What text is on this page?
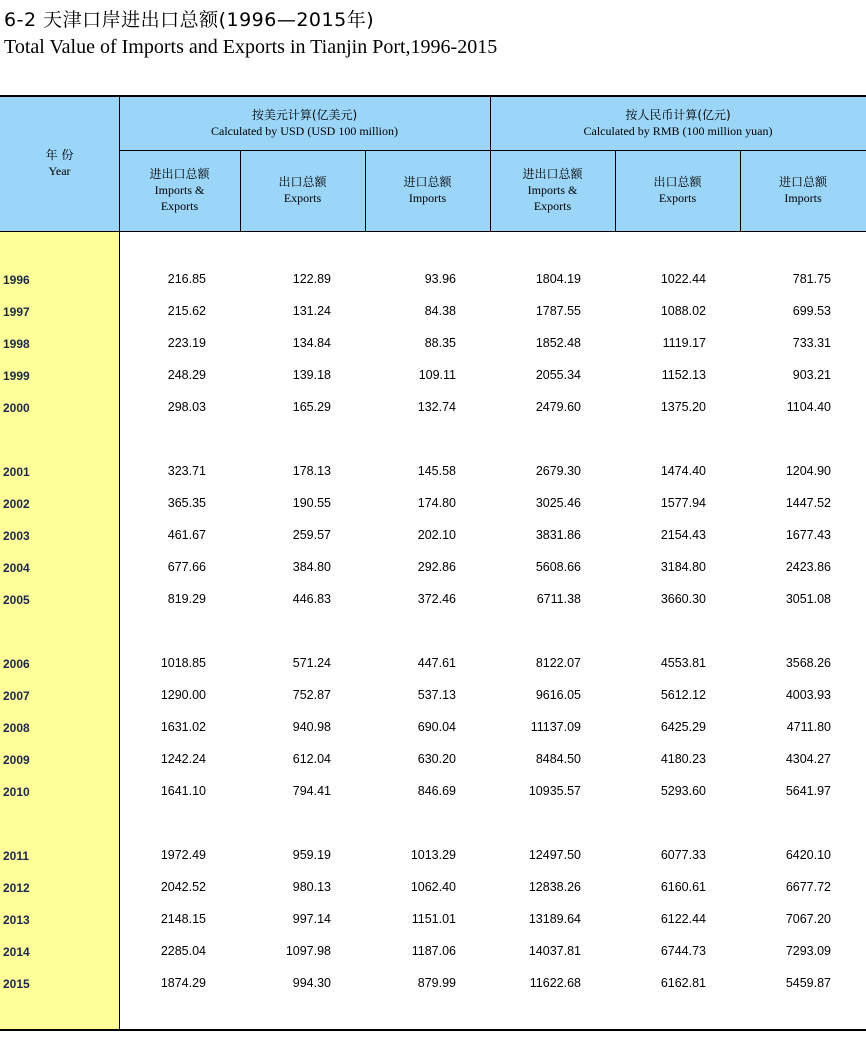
6-2 天津口岸进出口总额(1996—2015年)
Total Value of Imports and Exports in Tianjin Port,1996-2015
年 份
Year
按美元计算(亿美元)
Calculated by USD (USD 100 million)
按人民币计算(亿元)
Calculated by RMB (100 million yuan)
进出口总额
Imports &
Exports
出口总额
Exports
进口总额
Imports
进出口总额
Imports &
Exports
出口总额
Exports
进口总额
Imports
1996	216.85	122.89	93.96	1804.19	1022.44	781.75
1997	215.62	131.24	84.38	1787.55	1088.02	699.53
1998	223.19	134.84	88.35	1852.48	1119.17	733.31
1999	248.29	139.18	109.11	2055.34	1152.13	903.21
2000	298.03	165.29	132.74	2479.60	1375.20	1104.40
2001	323.71	178.13	145.58	2679.30	1474.40	1204.90
2002	365.35	190.55	174.80	3025.46	1577.94	1447.52
2003	461.67	259.57	202.10	3831.86	2154.43	1677.43
2004	677.66	384.80	292.86	5608.66	3184.80	2423.86
2005	819.29	446.83	372.46	6711.38	3660.30	3051.08
2006	1018.85	571.24	447.61	8122.07	4553.81	3568.26
2007	1290.00	752.87	537.13	9616.05	5612.12	4003.93
2008	1631.02	940.98	690.04	11137.09	6425.29	4711.80
2009	1242.24	612.04	630.20	8484.50	4180.23	4304.27
2010	1641.10	794.41	846.69	10935.57	5293.60	5641.97
2011	1972.49	959.19	1013.29	12497.50	6077.33	6420.10
2012	2042.52	980.13	1062.40	12838.26	6160.61	6677.72
2013	2148.15	997.14	1151.01	13189.64	6122.44	7067.20
2014	2285.04	1097.98	1187.06	14037.81	6744.73	7293.09
2015	1874.29	994.30	879.99	11622.68	6162.81	5459.87
